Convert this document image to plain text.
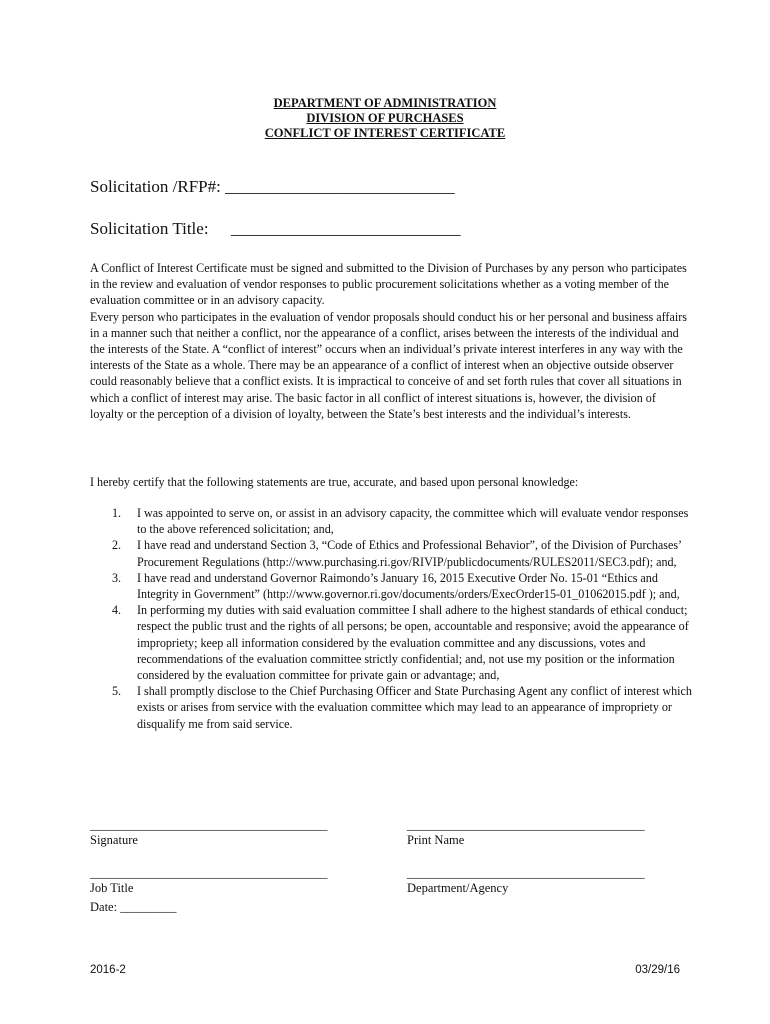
DEPARTMENT OF ADMINISTRATION
DIVISION OF PURCHASES
CONFLICT OF INTEREST CERTIFICATE
Solicitation /RFP#: ___________________________
Solicitation Title: ___________________________
A Conflict of Interest Certificate must be signed and submitted to the Division of Purchases by any person who participates in the review and evaluation of vendor responses to public procurement solicitations whether as a voting member of the evaluation committee or in an advisory capacity.
Every person who participates in the evaluation of vendor proposals should conduct his or her personal and business affairs in a manner such that neither a conflict, nor the appearance of a conflict, arises between the interests of the individual and the interests of the State. A “conflict of interest” occurs when an individual’s private interest interferes in any way with the interests of the State as a whole. There may be an appearance of a conflict of interest when an objective outside observer could reasonably believe that a conflict exists. It is impractical to conceive of and set forth rules that cover all situations in which a conflict of interest may arise. The basic factor in all conflict of interest situations is, however, the division of loyalty or the perception of a division of loyalty, between the State’s best interests and the individual’s interests.

I hereby certify that the following statements are true, accurate, and based upon personal knowledge:

1. I was appointed to serve on, or assist in an advisory capacity, the committee which will evaluate vendor responses to the above referenced solicitation; and,
2. I have read and understand Section 3, “Code of Ethics and Professional Behavior”, of the Division of Purchases’ Procurement Regulations (http://www.purchasing.ri.gov/RIVIP/publicdocuments/RULES2011/SEC3.pdf); and,
3. I have read and understand Governor Raimondo’s January 16, 2015 Executive Order No. 15-01 “Ethics and Integrity in Government” (http://www.governor.ri.gov/documents/orders/ExecOrder15-01_01062015.pdf ); and,
4. In performing my duties with said evaluation committee I shall adhere to the highest standards of ethical conduct; respect the public trust and the rights of all persons; be open, accountable and responsive; avoid the appearance of impropriety; keep all information considered by the evaluation committee and any discussions, votes and recommendations of the evaluation committee strictly confidential; and, not use my position or the information considered by the evaluation committee for private gain or advantage; and,
5. I shall promptly disclose to the Chief Purchasing Officer and State Purchasing Agent any conflict of interest which exists or arises from service with the evaluation committee which may lead to an appearance of impropriety or disqualify me from said service.
______________________________________	______________________________________
Signature	Print Name
______________________________________	______________________________________
Job Title	Department/Agency
Date: _________
2016-2	03/29/16
